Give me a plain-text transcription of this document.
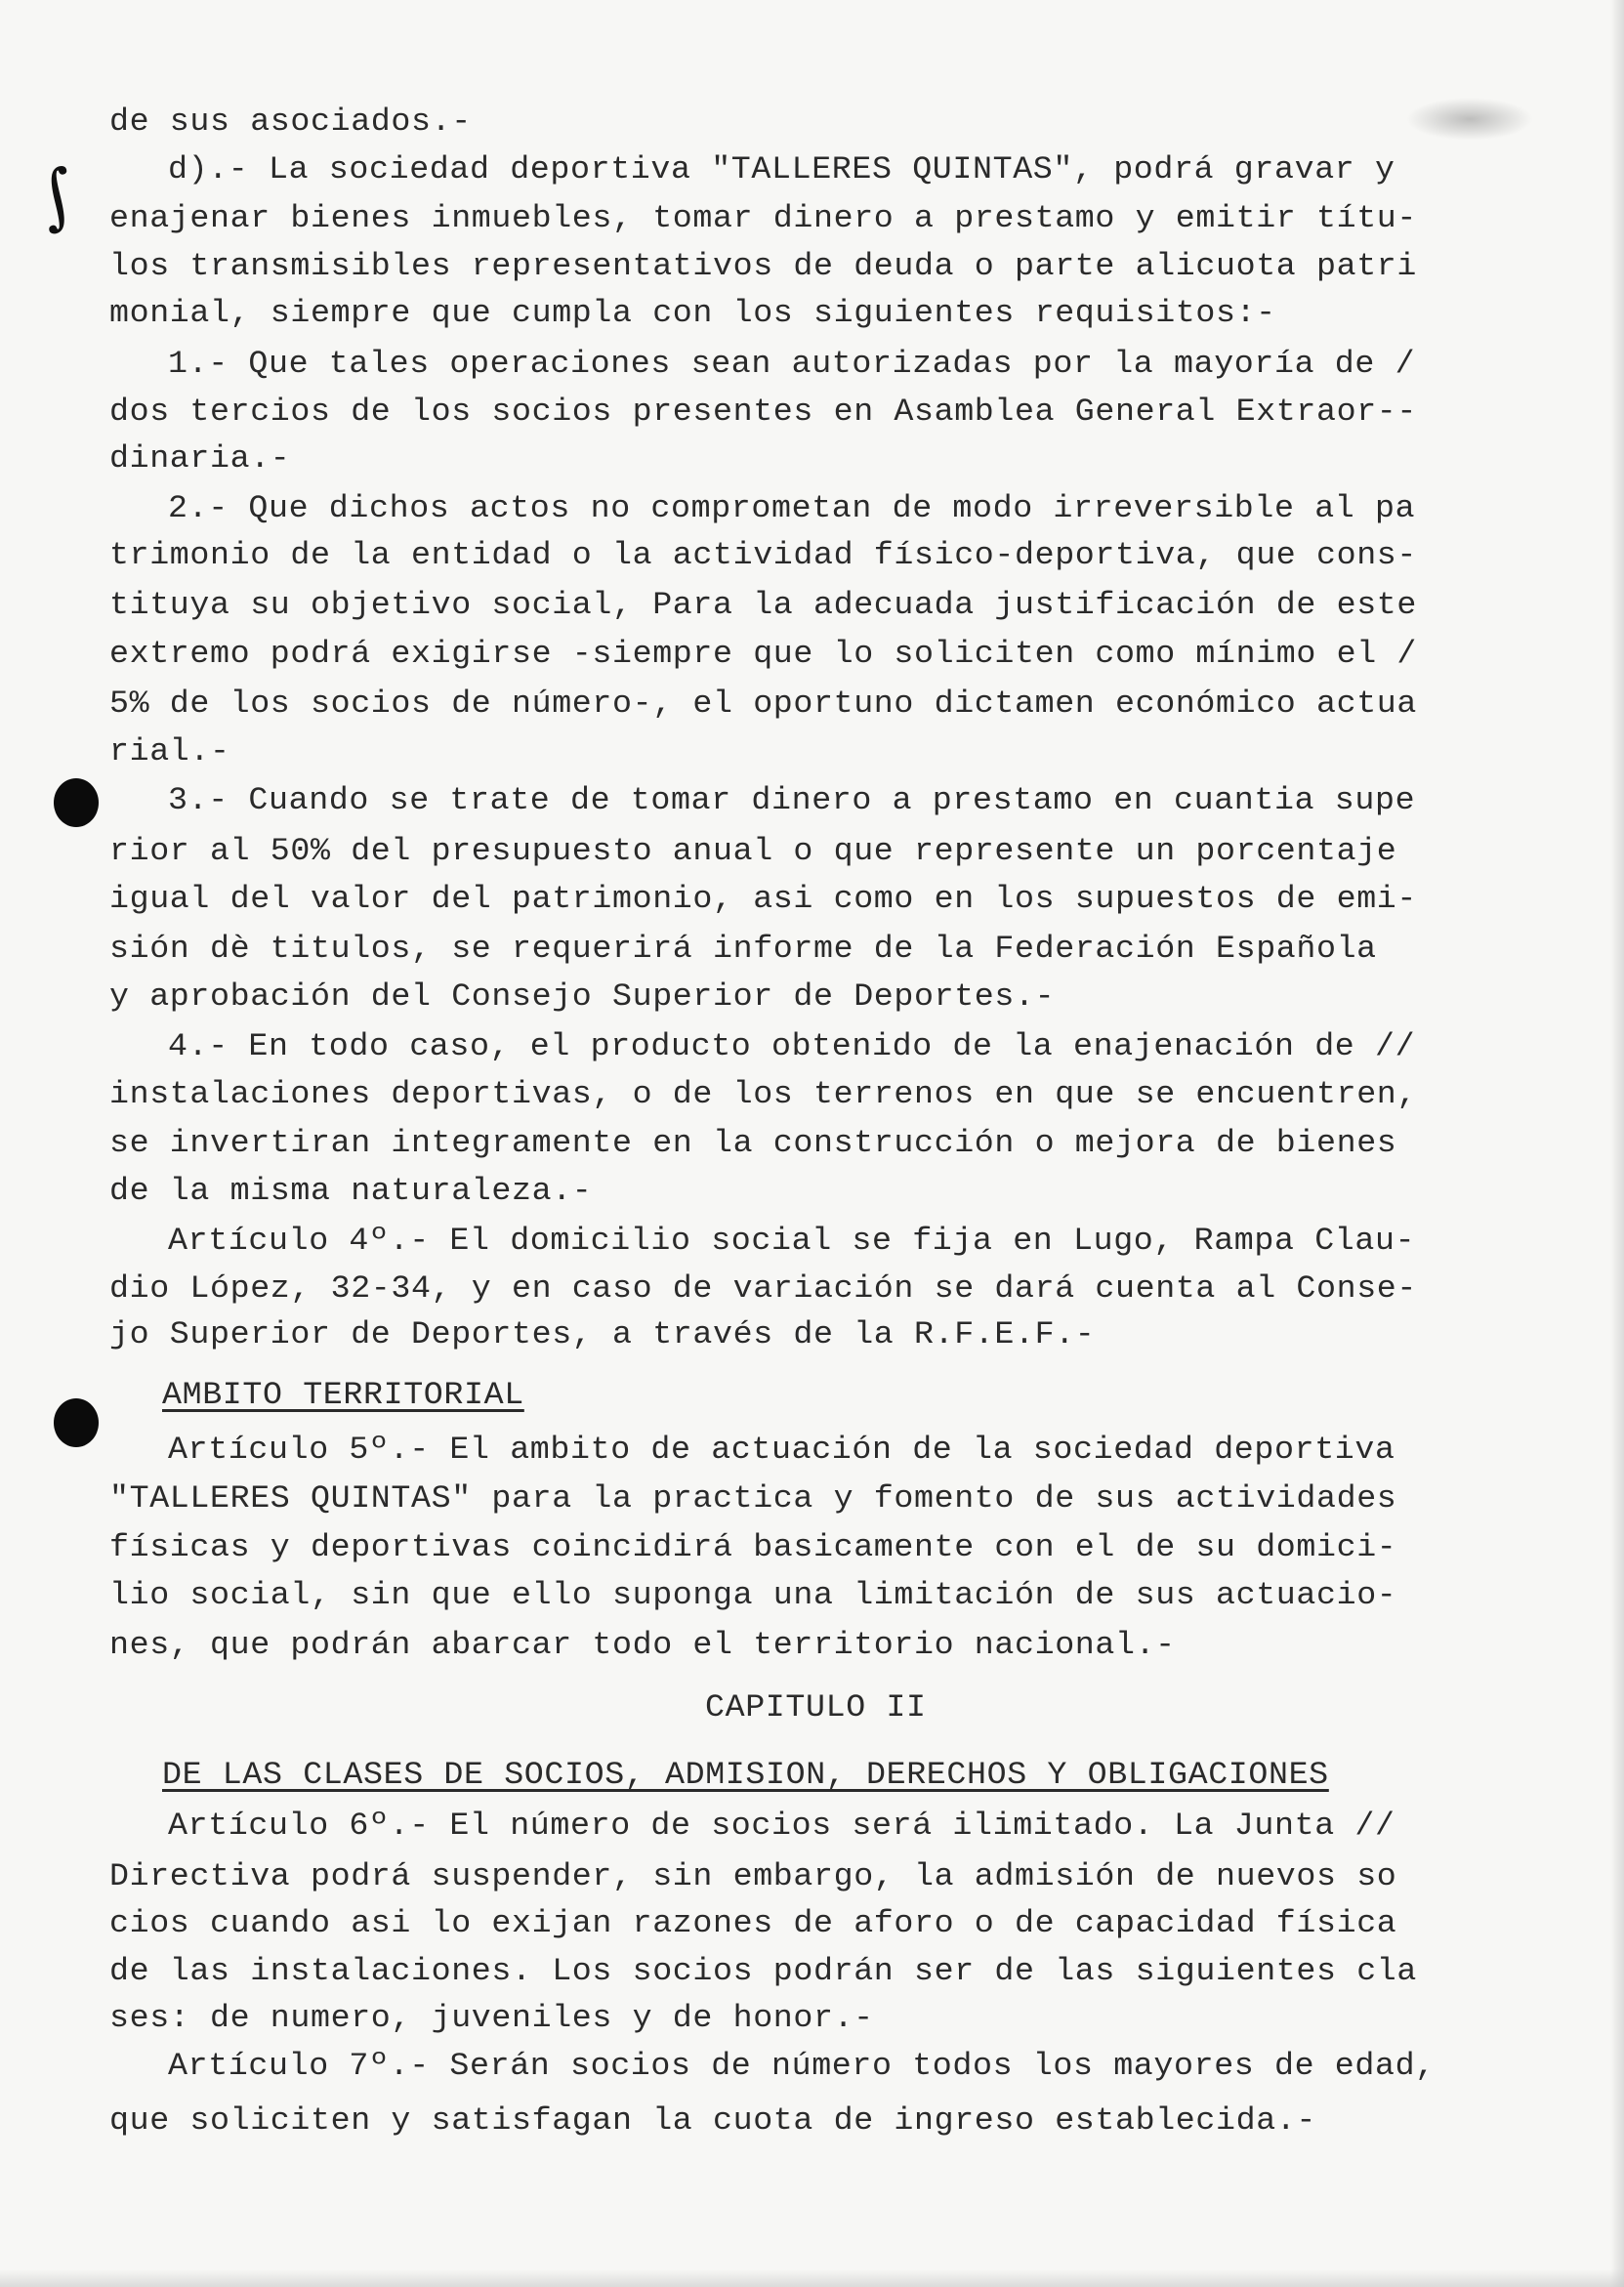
∫
de sus asociados.-
d).- La sociedad deportiva "TALLERES QUINTAS", podrá gravar y
enajenar bienes inmuebles, tomar dinero a prestamo y emitir títu-
los transmisibles representativos de deuda o parte alicuota patri
monial, siempre que cumpla con los siguientes requisitos:-
1.- Que tales operaciones sean autorizadas por la mayoría de /
dos tercios de los socios presentes en Asamblea General Extraor--
dinaria.-
2.- Que dichos actos no comprometan de modo irreversible al pa
trimonio de la entidad o la actividad físico-deportiva, que cons-
tituya su objetivo social, Para la adecuada justificación de este
extremo podrá exigirse -siempre que lo soliciten como mínimo el /
5% de los socios de número-, el oportuno dictamen económico actua
rial.-
3.- Cuando se trate de tomar dinero a prestamo en cuantia supe
rior al 50% del presupuesto anual o que represente un porcentaje
igual del valor del patrimonio, asi como en los supuestos de emi-
sión dè titulos, se requerirá informe de la Federación Española
y aprobación del Consejo Superior de Deportes.-
4.- En todo caso, el producto obtenido de la enajenación de //
instalaciones deportivas, o de los terrenos en que se encuentren,
se invertiran integramente en la construcción o mejora de bienes
de la misma naturaleza.-
Artículo 4º.- El domicilio social se fija en Lugo, Rampa Clau-
dio López, 32-34, y en caso de variación se dará cuenta al Conse-
jo Superior de Deportes, a través de la R.F.E.F.-
AMBITO TERRITORIAL
Artículo 5º.- El ambito de actuación de la sociedad deportiva
"TALLERES QUINTAS" para la practica y fomento de sus actividades
físicas y deportivas coincidirá basicamente con el de su domici-
lio social, sin que ello suponga una limitación de sus actuacio-
nes, que podrán abarcar todo el territorio nacional.-
CAPITULO II
DE LAS CLASES DE SOCIOS, ADMISION, DERECHOS Y OBLIGACIONES
Artículo 6º.- El número de socios será ilimitado. La Junta //
Directiva podrá suspender, sin embargo, la admisión de nuevos so
cios cuando asi lo exijan razones de aforo o de capacidad física
de las instalaciones. Los socios podrán ser de las siguientes cla
ses: de numero, juveniles y de honor.-
Artículo 7º.- Serán socios de número todos los mayores de edad,
que soliciten y satisfagan la cuota de ingreso establecida.-
